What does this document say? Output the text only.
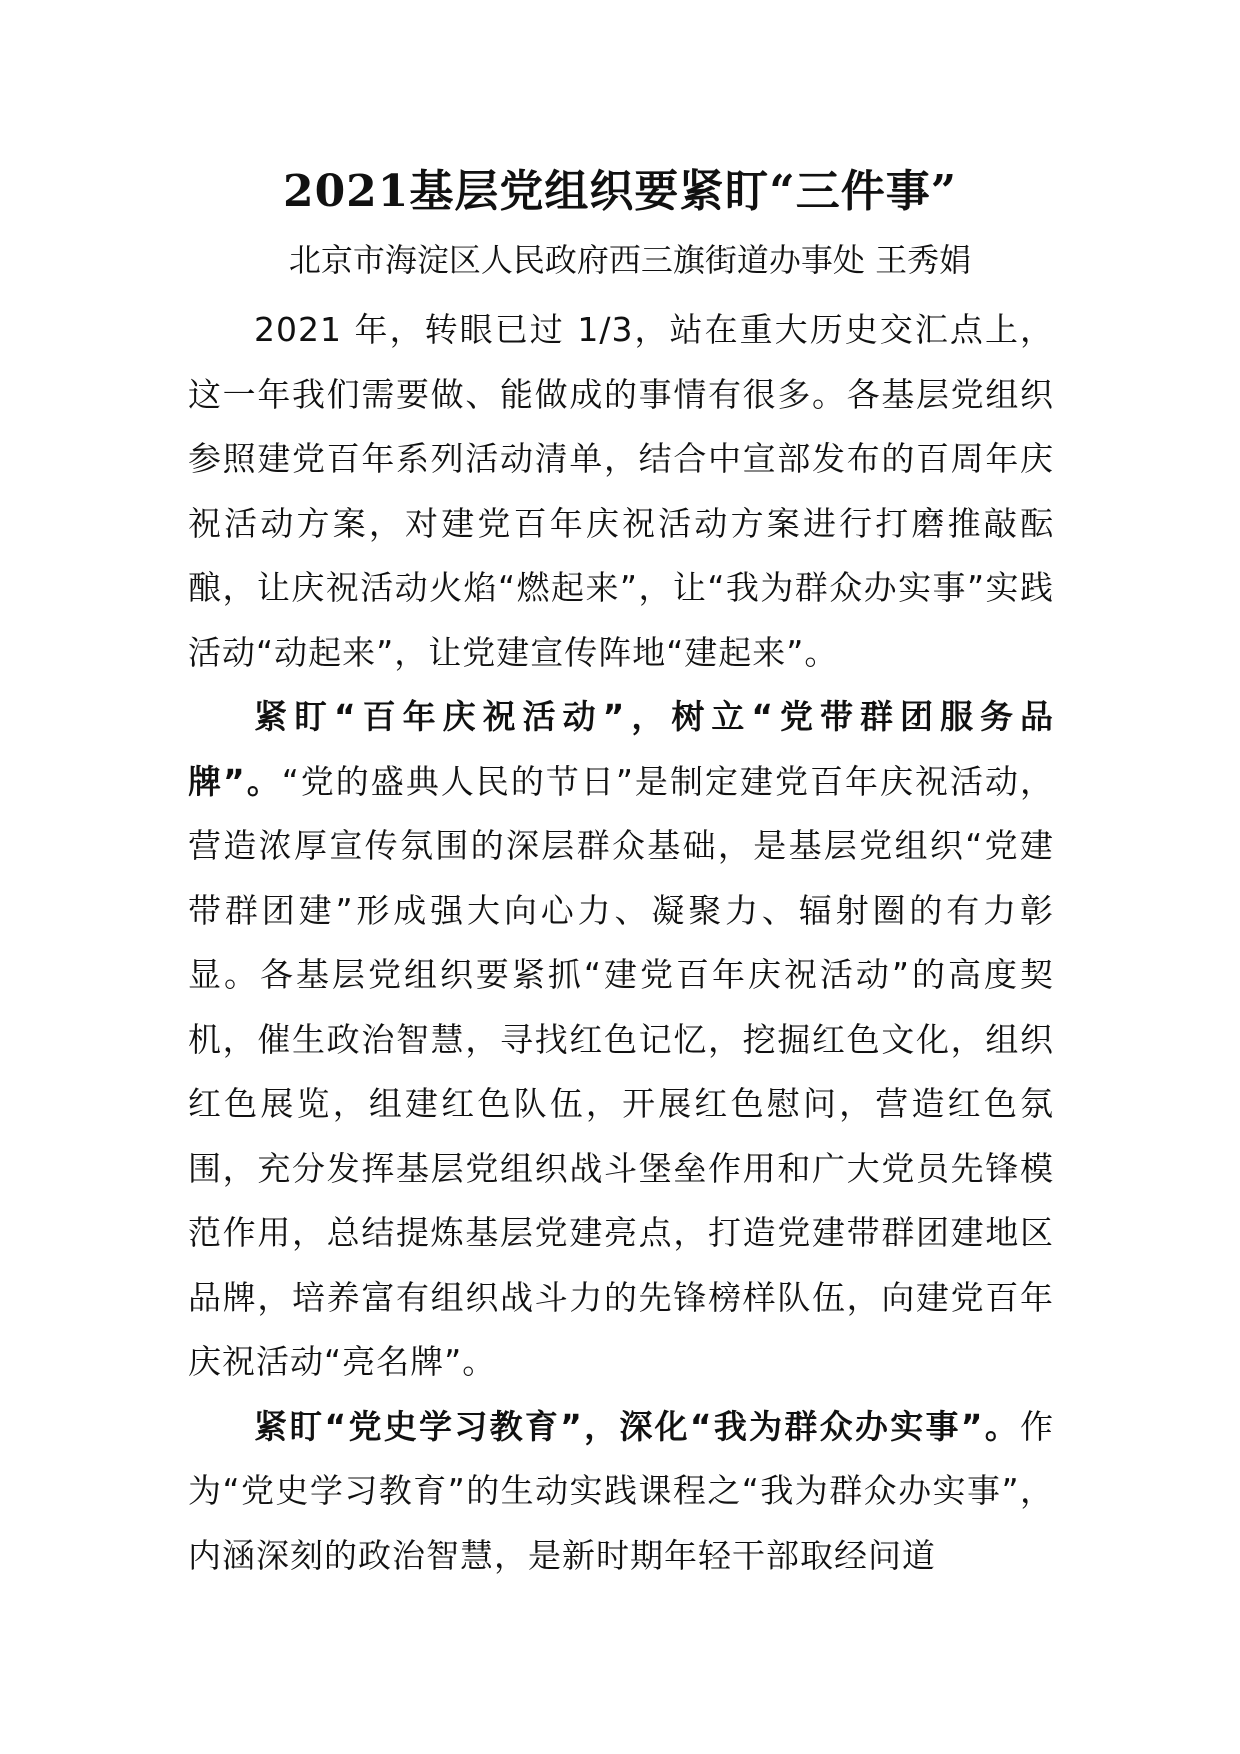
2021基层党组织要紧盯“三件事”
北京市海淀区人民政府西三旗街道办事处 王秀娟

2021 年，转眼已过 1/3，站在重大历史交汇点上，这一年我们需要做、能做成的事情有很多。各基层党组织参照建党百年系列活动清单，结合中宣部发布的百周年庆祝活动方案，对建党百年庆祝活动方案进行打磨推敲酝酿，让庆祝活动火焰“燃起来”，让“我为群众办实事”实践活动“动起来”，让党建宣传阵地“建起来”。

紧盯“百年庆祝活动”，树立“党带群团服务品牌”。“党的盛典人民的节日”是制定建党百年庆祝活动，营造浓厚宣传氛围的深层群众基础，是基层党组织“党建带群团建”形成强大向心力、凝聚力、辐射圈的有力彰显。各基层党组织要紧抓“建党百年庆祝活动”的高度契机，催生政治智慧，寻找红色记忆，挖掘红色文化，组织红色展览，组建红色队伍，开展红色慰问，营造红色氛围，充分发挥基层党组织战斗堡垒作用和广大党员先锋模范作用，总结提炼基层党建亮点，打造党建带群团建地区品牌，培养富有组织战斗力的先锋榜样队伍，向建党百年庆祝活动“亮名牌”。

紧盯“党史学习教育”，深化“我为群众办实事”。作为“党史学习教育”的生动实践课程之“我为群众办实事”，内涵深刻的政治智慧，是新时期年轻干部取经问道
